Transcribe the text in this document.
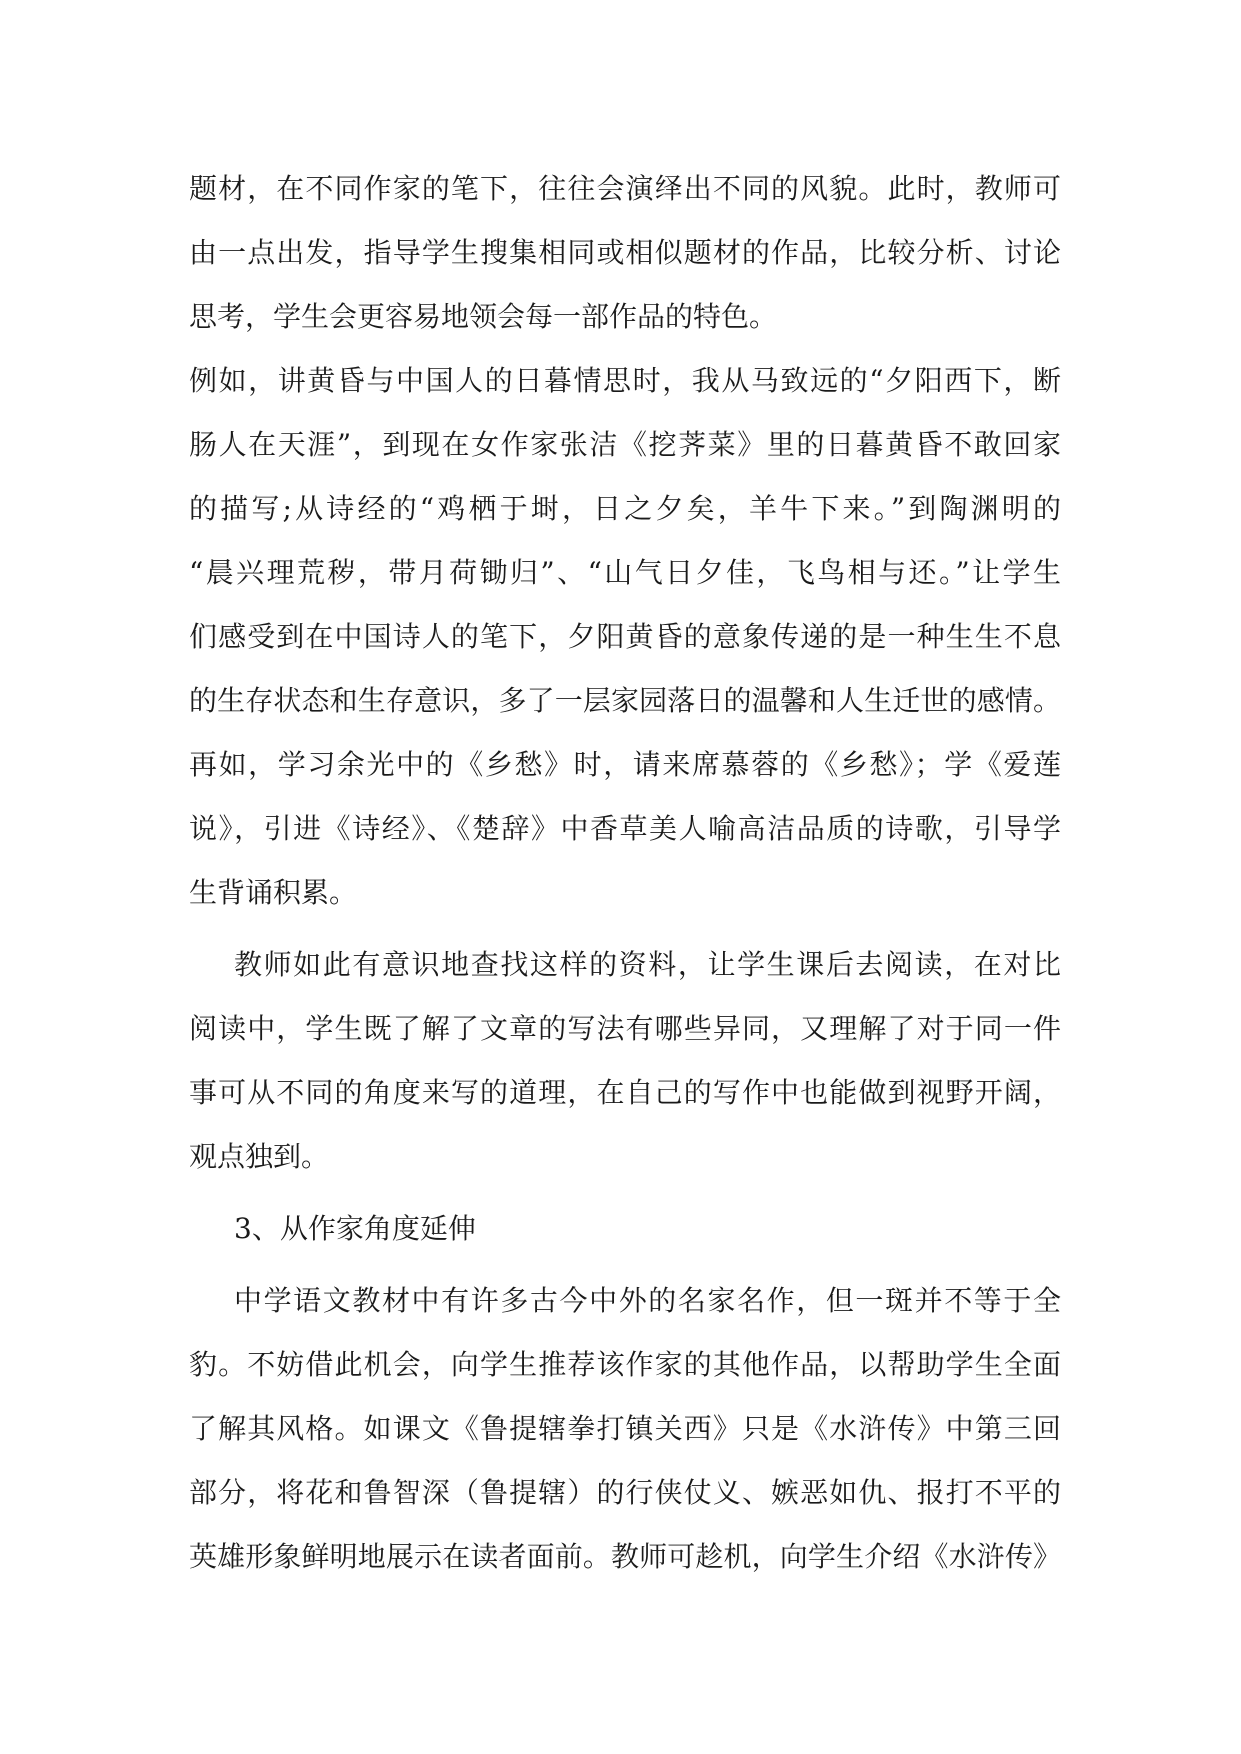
题材，在不同作家的笔下，往往会演绎出不同的风貌。此时，教师可
由一点出发，指导学生搜集相同或相似题材的作品，比较分析、讨论
思考，学生会更容易地领会每一部作品的特色。
例如，讲黄昏与中国人的日暮情思时，我从马致远的“夕阳西下，断
肠人在天涯”，到现在女作家张洁《挖荠菜》里的日暮黄昏不敢回家
的描写;从诗经的“鸡栖于埘，日之夕矣，羊牛下来。”到陶渊明的
“晨兴理荒秽，带月荷锄归”、“山气日夕佳，飞鸟相与还。”让学生
们感受到在中国诗人的笔下，夕阳黄昏的意象传递的是一种生生不息
的生存状态和生存意识，多了一层家园落日的温馨和人生迁世的感情。
再如，学习余光中的《乡愁》时，请来席慕蓉的《乡愁》；学《爱莲
说》，引进《诗经》、《楚辞》中香草美人喻高洁品质的诗歌，引导学
生背诵积累。
教师如此有意识地查找这样的资料，让学生课后去阅读，在对比
阅读中，学生既了解了文章的写法有哪些异同，又理解了对于同一件
事可从不同的角度来写的道理，在自己的写作中也能做到视野开阔，
观点独到。
3、从作家角度延伸
中学语文教材中有许多古今中外的名家名作，但一斑并不等于全
豹。不妨借此机会，向学生推荐该作家的其他作品，以帮助学生全面
了解其风格。如课文《鲁提辖拳打镇关西》只是《水浒传》中第三回
部分，将花和鲁智深（鲁提辖）的行侠仗义、嫉恶如仇、报打不平的
英雄形象鲜明地展示在读者面前。教师可趁机，向学生介绍《水浒传》
